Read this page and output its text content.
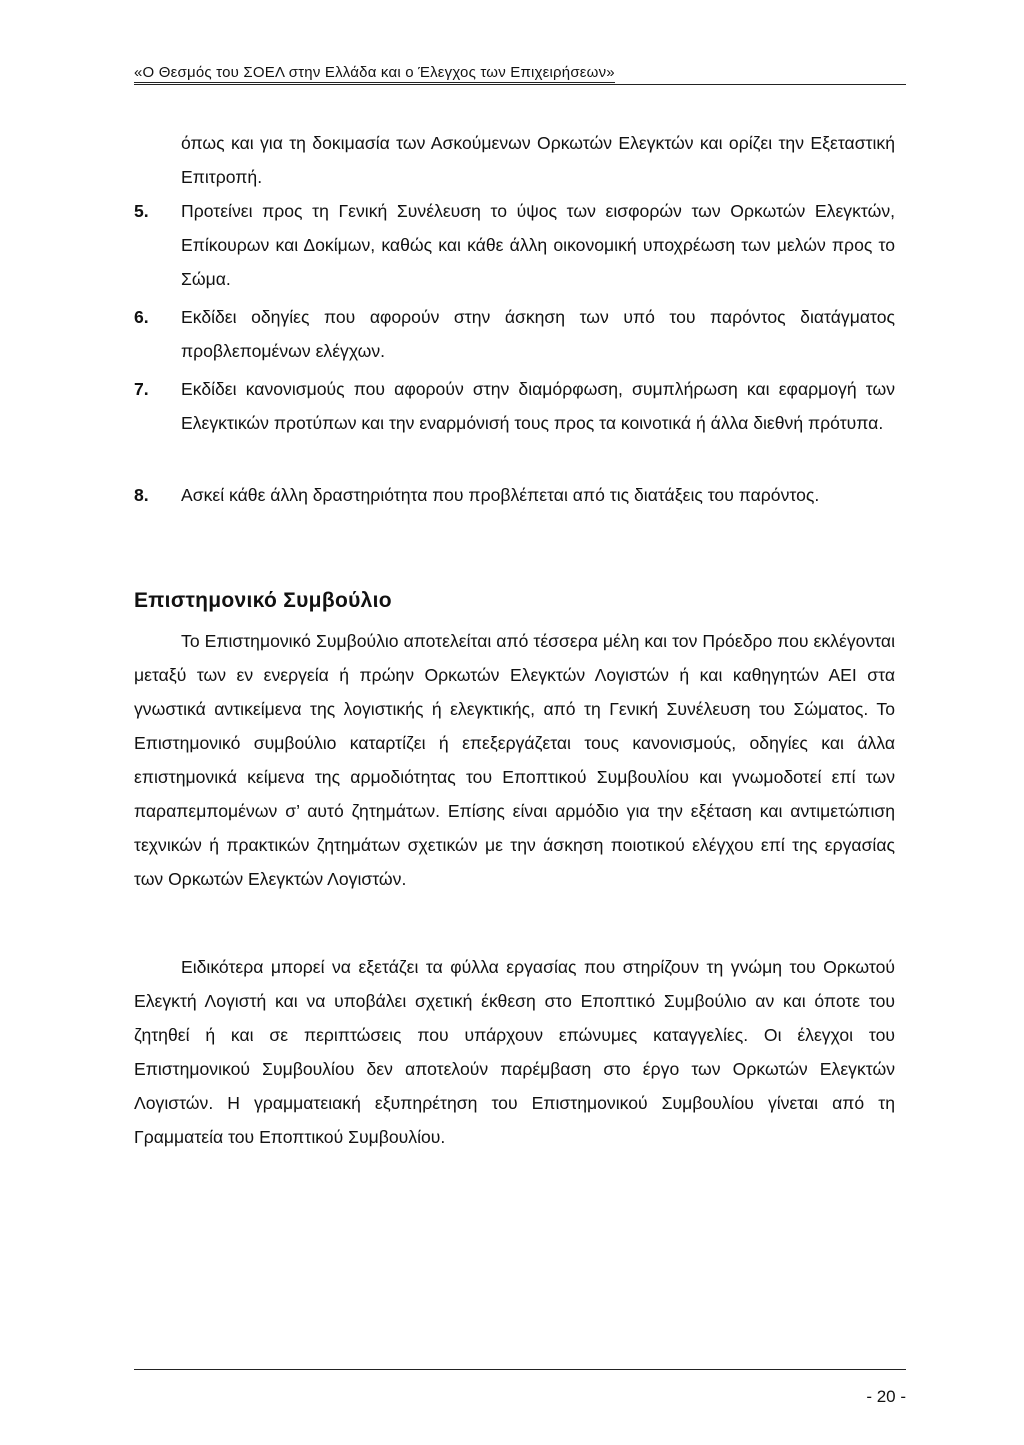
«Ο Θεσμός του ΣΟΕΛ στην Ελλάδα και ο Έλεγχος των Επιχειρήσεων»
όπως και για τη δοκιμασία των Ασκούμενων Ορκωτών Ελεγκτών και ορίζει την Εξεταστική Επιτροπή.
5. Προτείνει προς τη Γενική Συνέλευση το ύψος των εισφορών των Ορκωτών Ελεγκτών, Επίκουρων και Δοκίμων, καθώς και κάθε άλλη οικονομική υποχρέωση των μελών προς το Σώμα.
6. Εκδίδει οδηγίες που αφορούν στην άσκηση των υπό του παρόντος διατάγματος προβλεπομένων ελέγχων.
7. Εκδίδει κανονισμούς που αφορούν στην διαμόρφωση, συμπλήρωση και εφαρμογή των Ελεγκτικών προτύπων και την εναρμόνισή τους προς τα κοινοτικά ή άλλα διεθνή πρότυπα.
8. Ασκεί κάθε άλλη δραστηριότητα που προβλέπεται από τις διατάξεις του παρόντος.
Επιστημονικό Συμβούλιο
Το Επιστημονικό Συμβούλιο αποτελείται από τέσσερα μέλη και τον Πρόεδρο που εκλέγονται μεταξύ των εν ενεργεία ή πρώην Ορκωτών Ελεγκτών Λογιστών ή και καθηγητών ΑΕΙ στα γνωστικά αντικείμενα της λογιστικής ή ελεγκτικής, από τη Γενική Συνέλευση του Σώματος. Το Επιστημονικό συμβούλιο καταρτίζει ή επεξεργάζεται τους κανονισμούς, οδηγίες και άλλα επιστημονικά κείμενα της αρμοδιότητας του Εποπτικού Συμβουλίου και γνωμοδοτεί επί των παραπεμπομένων σ’ αυτό ζητημάτων. Επίσης είναι αρμόδιο για την εξέταση και αντιμετώπιση τεχνικών ή πρακτικών ζητημάτων σχετικών με την άσκηση ποιοτικού ελέγχου επί της εργασίας των Ορκωτών Ελεγκτών Λογιστών.
Ειδικότερα μπορεί να εξετάζει τα φύλλα εργασίας που στηρίζουν τη γνώμη του Ορκωτού Ελεγκτή Λογιστή και να υποβάλει σχετική έκθεση στο Εποπτικό Συμβούλιο αν και όποτε του ζητηθεί ή και σε περιπτώσεις που υπάρχουν επώνυμες καταγγελίες. Οι έλεγχοι του Επιστημονικού Συμβουλίου δεν αποτελούν παρέμβαση στο έργο των Ορκωτών Ελεγκτών Λογιστών. Η γραμματειακή εξυπηρέτηση του Επιστημονικού Συμβουλίου γίνεται από τη Γραμματεία του Εποπτικού Συμβουλίου.
- 20 -
